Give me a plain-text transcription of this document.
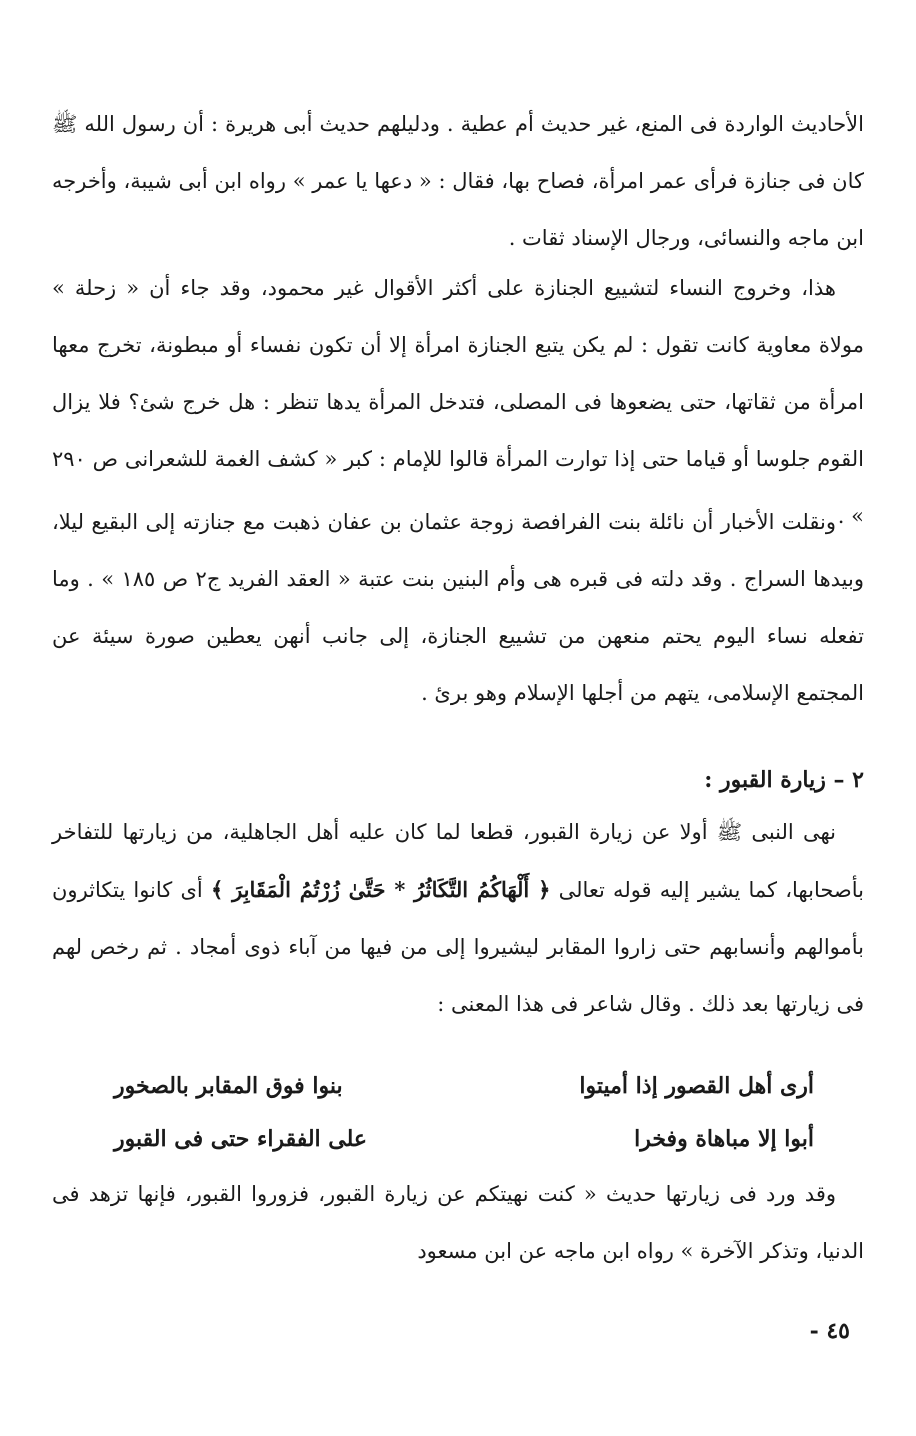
الأحاديث الواردة فى المنع، غير حديث أم عطية . ودليلهم حديث أبى هريرة : أن رسول الله ﷺ كان فى جنازة فرأى عمر امرأة، فصاح بها، فقال : « دعها يا عمر » رواه ابن أبى شيبة، وأخرجه ابن ماجه والنسائى، ورجال الإسناد ثقات .

هذا، وخروج النساء لتشييع الجنازة على أكثر الأقوال غير محمود، وقد جاء أن « زحلة » مولاة معاوية كانت تقول : لم يكن يتبع الجنازة امرأة إلا أن تكون نفساء أو مبطونة، تخرج معها امرأة من ثقاتها، حتى يضعوها فى المصلى، فتدخل المرأة يدها تنظر : هل خرج شئ؟ فلا يزال القوم جلوسا أو قياما حتى إذا توارت المرأة قالوا للإمام : كبر « كشف الغمة للشعرانى ص ٢٩٠ » .

ونقلت الأخبار أن نائلة بنت الفرافصة زوجة عثمان بن عفان ذهبت مع جنازته إلى البقيع ليلا، وبيدها السراج . وقد دلته فى قبره هى وأم البنين بنت عتبة « العقد الفريد ج٢ ص ١٨٥ » . وما تفعله نساء اليوم يحتم منعهن من تشييع الجنازة، إلى جانب أنهن يعطين صورة سيئة عن المجتمع الإسلامى، يتهم من أجلها الإسلام وهو برئ .

٢ – زيارة القبور :

نهى النبى ﷺ أولا عن زيارة القبور، قطعا لما كان عليه أهل الجاهلية، من زيارتها للتفاخر بأصحابها، كما يشير إليه قوله تعالى ﴿ أَلْهَاكُمُ التَّكَاثُرُ * حَتَّىٰ زُرْتُمُ الْمَقَابِرَ ﴾ أى كانوا يتكاثرون بأموالهم وأنسابهم حتى زاروا المقابر ليشيروا إلى من فيها من آباء ذوى أمجاد . ثم رخص لهم فى زيارتها بعد ذلك . وقال شاعر فى هذا المعنى :

أرى أهل القصور إذا أميتوا
بنوا فوق المقابر بالصخور
أبوا إلا مباهاة وفخرا
على الفقراء حتى فى القبور

وقد ورد فى زيارتها حديث « كنت نهيتكم عن زيارة القبور، فزوروا القبور، فإنها تزهد فى الدنيا، وتذكر الآخرة » رواه ابن ماجه عن ابن مسعود

٤٥ -
